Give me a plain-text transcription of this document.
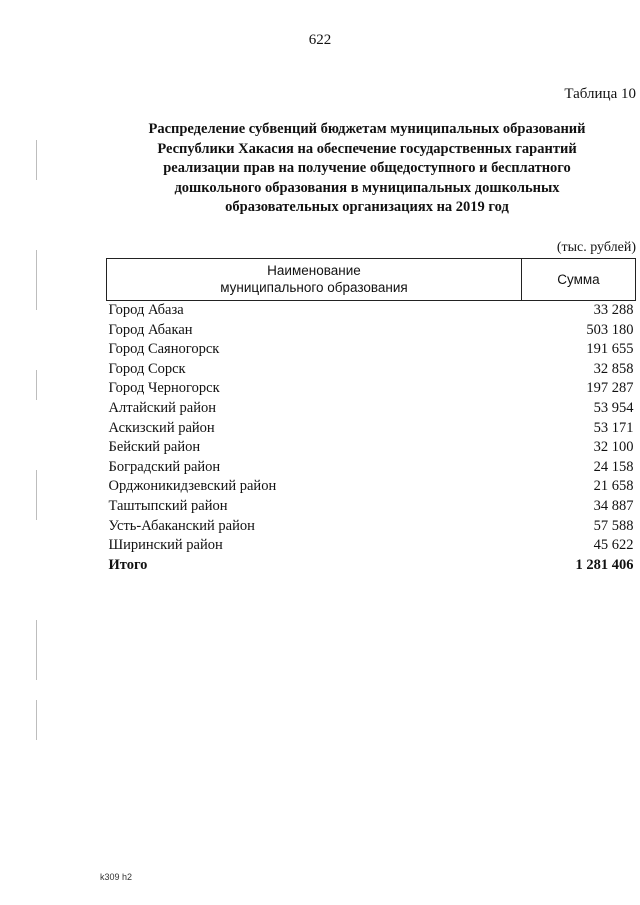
622
Таблица 10
Распределение субвенций бюджетам муниципальных образований
Республики Хакасия на обеспечение государственных гарантий
реализации прав на получение общедоступного и бесплатного
дошкольного образования в муниципальных дошкольных
образовательных организациях на 2019 год
(тыс. рублей)
Наименование
муниципального образования	Сумма
Город Абаза	33 288
Город Абакан	503 180
Город Саяногорск	191 655
Город Сорск	32 858
Город Черногорск	197 287
Алтайский район	53 954
Аскизский район	53 171
Бейский район	32 100
Боградский район	24 158
Орджоникидзевский район	21 658
Таштыпский район	34 887
Усть-Абаканский район	57 588
Ширинский район	45 622
Итого	1 281 406
k309 h2
